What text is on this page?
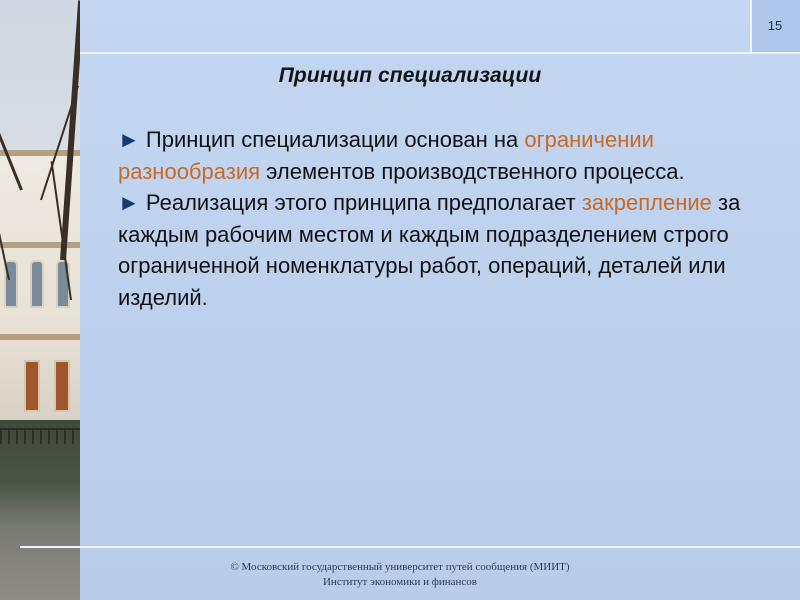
15
Принцип специализации

► Принцип специализации основан на ограничении разнообразия элементов производственного процесса.

► Реализация этого принципа предполагает закрепление за каждым рабочим местом и каждым подразделением строго ограниченной номенклатуры работ, операций, деталей или изделий.

© Московский государственный университет путей сообщения (МИИТ)
Институт экономики и финансов
